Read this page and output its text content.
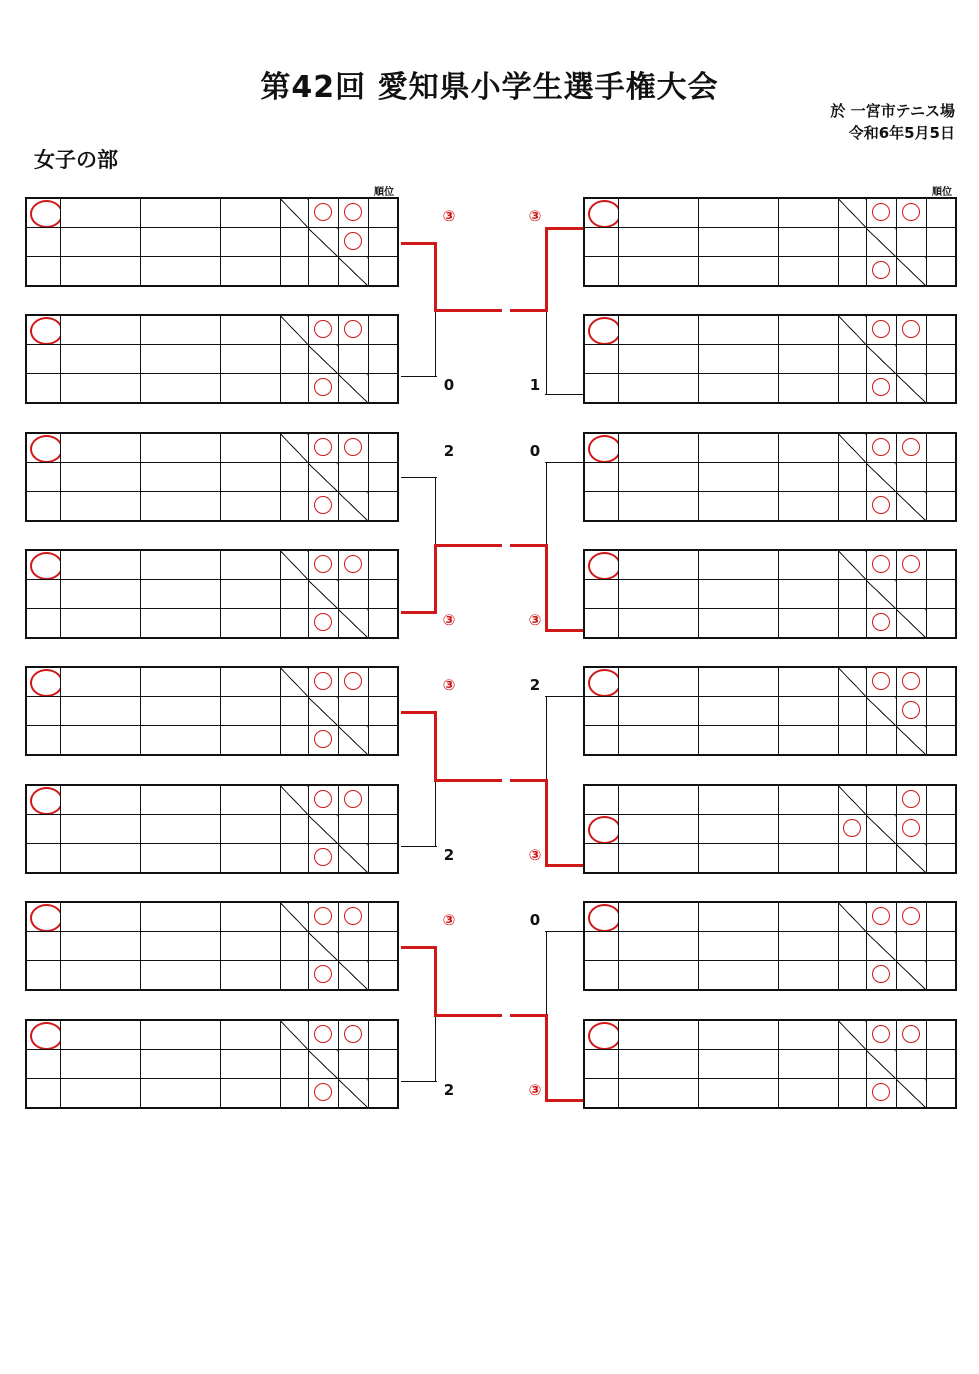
第42回 愛知県小学生選手権大会
於 一宮市テニス場
令和6年5月5日
女子の部
順位	順位

③
0
③
1
2
③
0
③
③
2
2
③
③
2
0
③
